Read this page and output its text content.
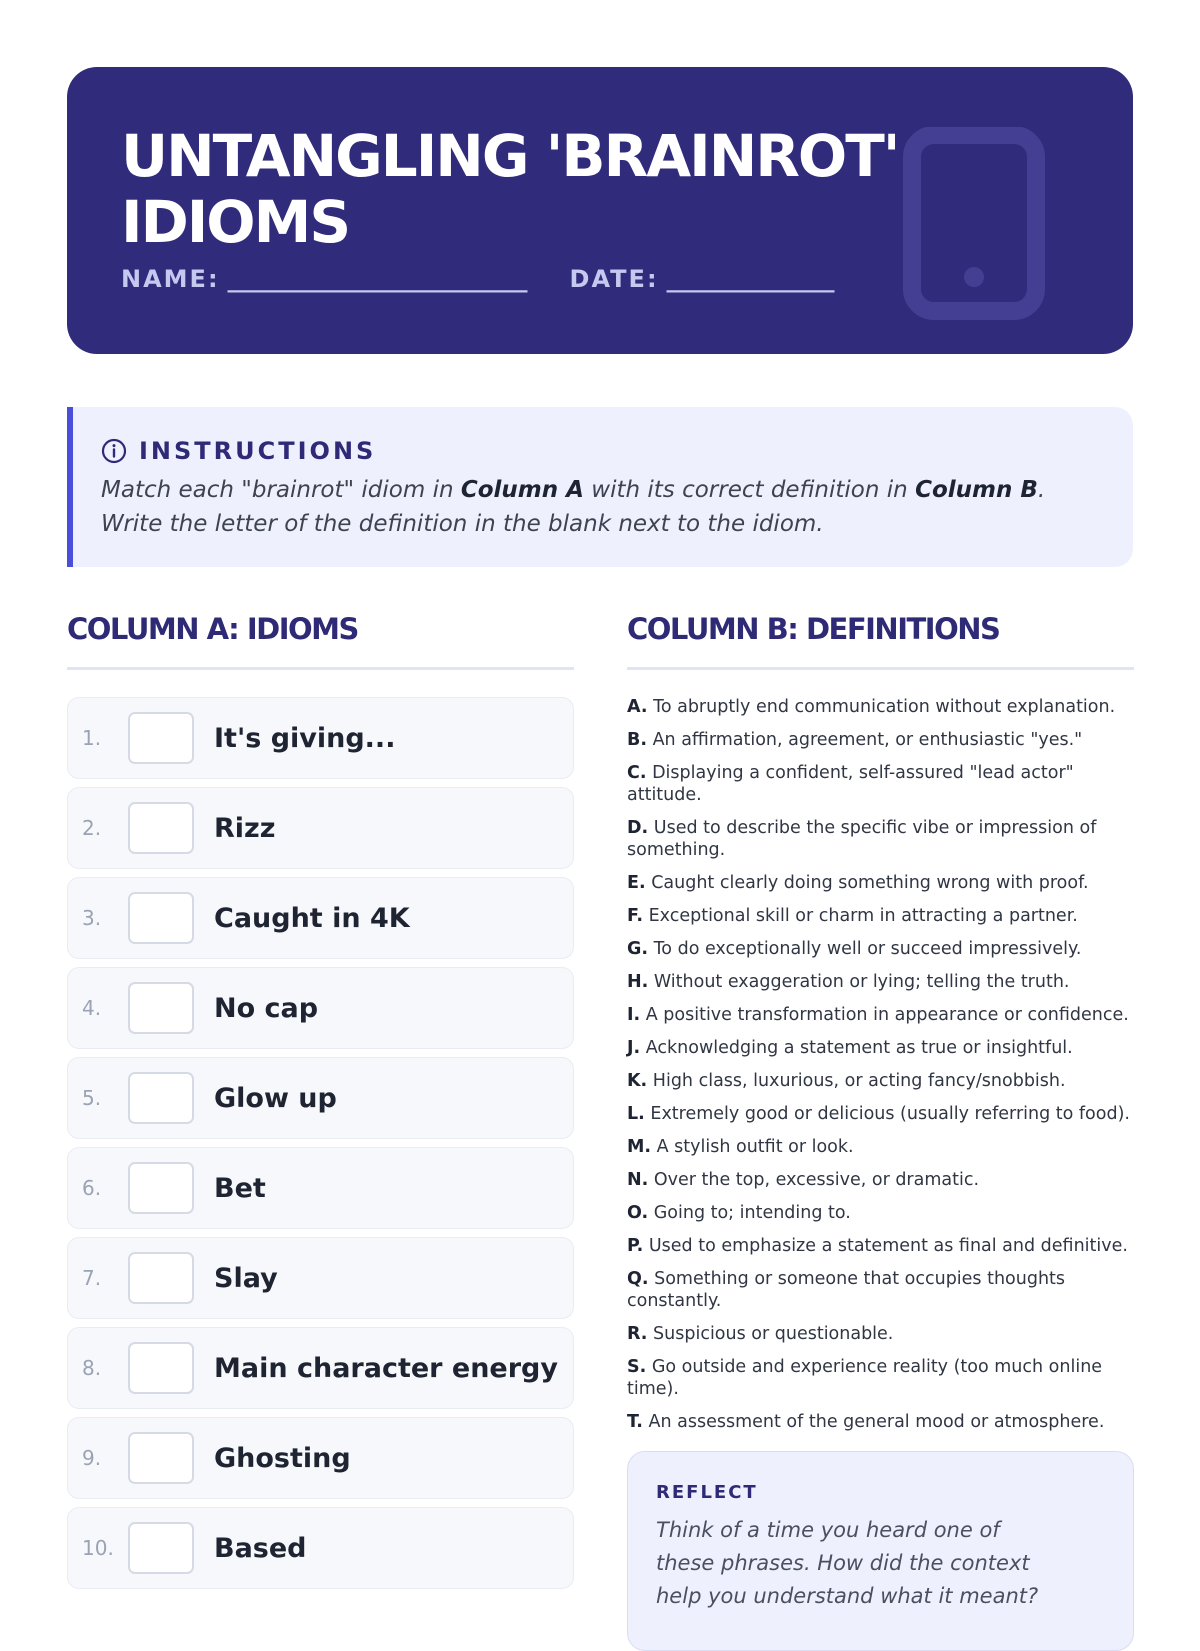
UNTANGLING 'BRAINROT'
IDIOMS
NAME: _________________________ DATE: ______________
INSTRUCTIONS

Match each "brainrot" idiom in Column A with its correct definition in Column B. Write the letter of the definition in the blank next to the idiom.

COLUMN A: IDIOMS	COLUMN B: DEFINITIONS
1.	It's giving...
2.	Rizz
3.	Caught in 4K
4.	No cap
5.	Glow up
6.	Bet
7.	Slay
8.	Main character energy
9.	Ghosting
10.	Based
A. To abruptly end communication without explanation.
B. An affirmation, agreement, or enthusiastic "yes."
C. Displaying a confident, self-assured "lead actor" attitude.
D. Used to describe the specific vibe or impression of something.
E. Caught clearly doing something wrong with proof.
F. Exceptional skill or charm in attracting a partner.
G. To do exceptionally well or succeed impressively.
H. Without exaggeration or lying; telling the truth.
I. A positive transformation in appearance or confidence.
J. Acknowledging a statement as true or insightful.
K. High class, luxurious, or acting fancy/snobbish.
L. Extremely good or delicious (usually referring to food).
M. A stylish outfit or look.
N. Over the top, excessive, or dramatic.
O. Going to; intending to.
P. Used to emphasize a statement as final and definitive.
Q. Something or someone that occupies thoughts constantly.
R. Suspicious or questionable.
S. Go outside and experience reality (too much online time).
T. An assessment of the general mood or atmosphere.
REFLECT

Think of a time you heard one of these phrases. How did the context help you understand what it meant?
